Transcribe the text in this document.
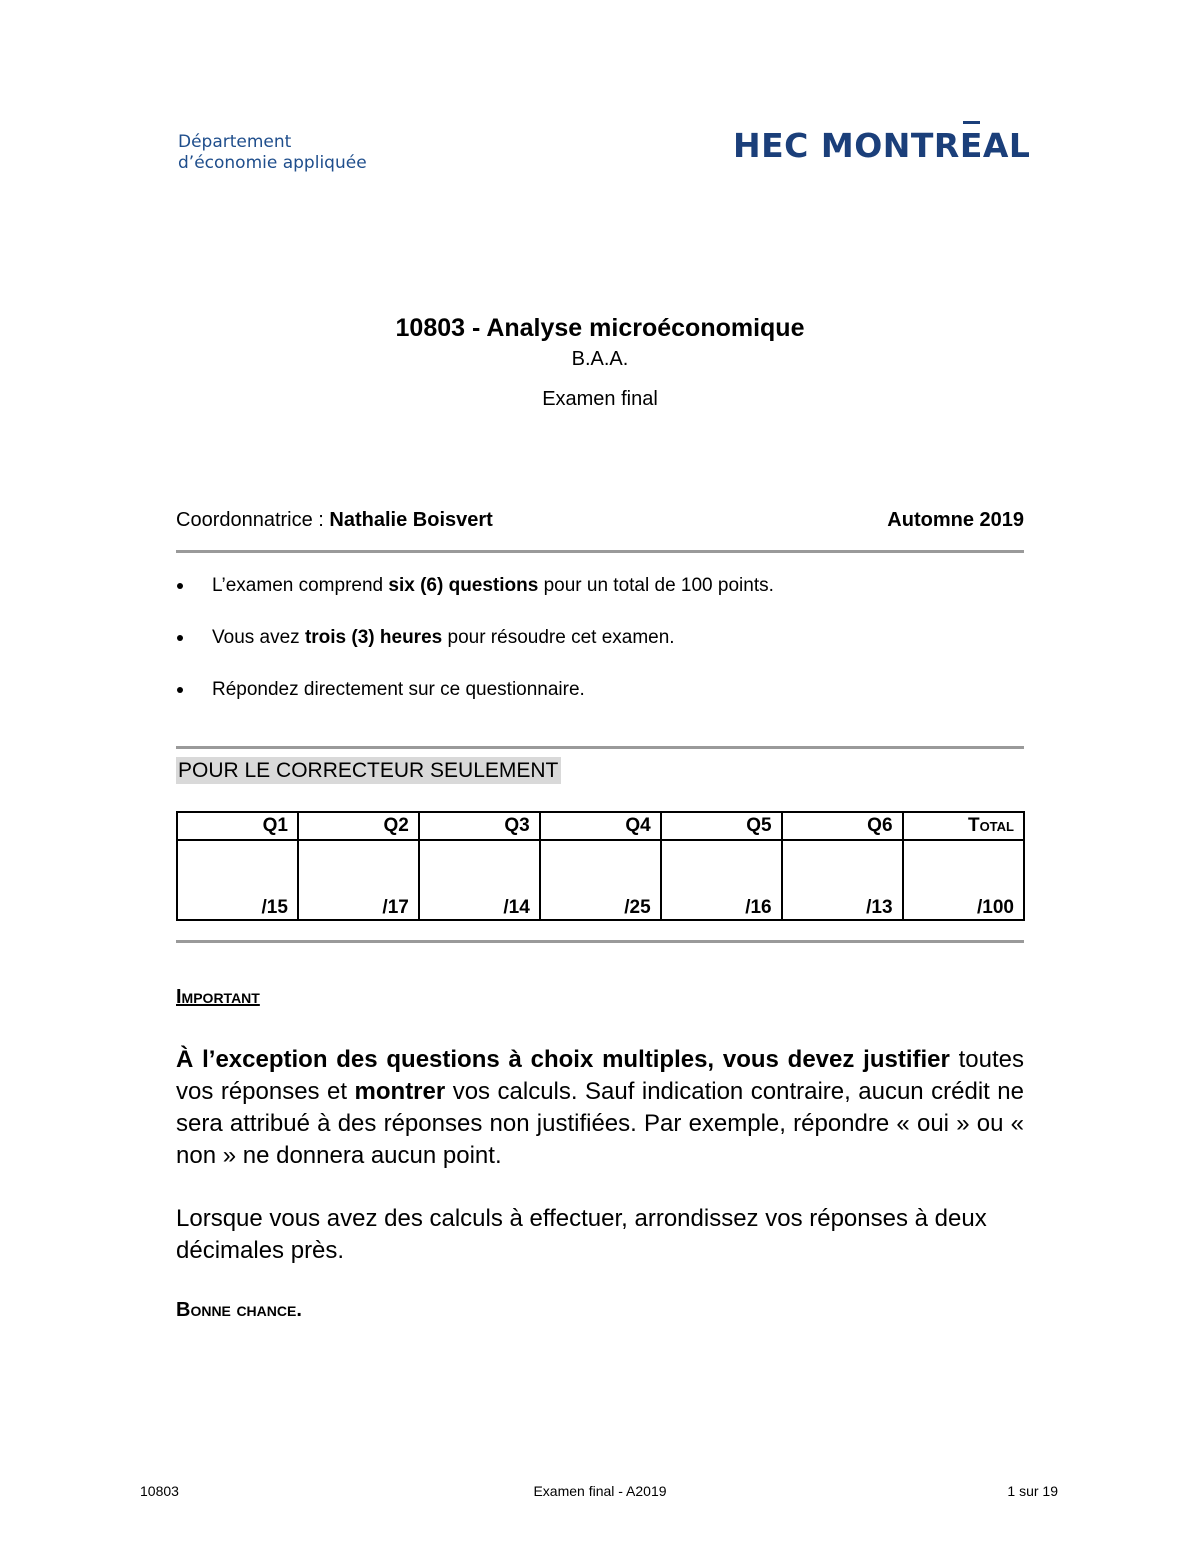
Département
d’économie appliquée	HEC MONTREAL
10803 - Analyse microéconomique
B.A.A.
Examen final
Coordonnatrice : Nathalie Boisvert	Automne 2019
L’examen comprend six (6) questions pour un total de 100 points.
Vous avez trois (3) heures pour résoudre cet examen.
Répondez directement sur ce questionnaire.
POUR LE CORRECTEUR SEULEMENT
Q1	Q2	Q3	Q4	Q5	Q6	Total
/15	/17	/14	/25	/16	/13	/100
Important
À l’exception des questions à choix multiples, vous devez justifier toutes vos réponses et montrer vos calculs. Sauf indication contraire, aucun crédit ne sera attribué à des réponses non justifiées. Par exemple, répondre « oui » ou « non » ne donnera aucun point.
Lorsque vous avez des calculs à effectuer, arrondissez vos réponses à deux décimales près.
Bonne chance.
10803	Examen final - A2019	1 sur 19
